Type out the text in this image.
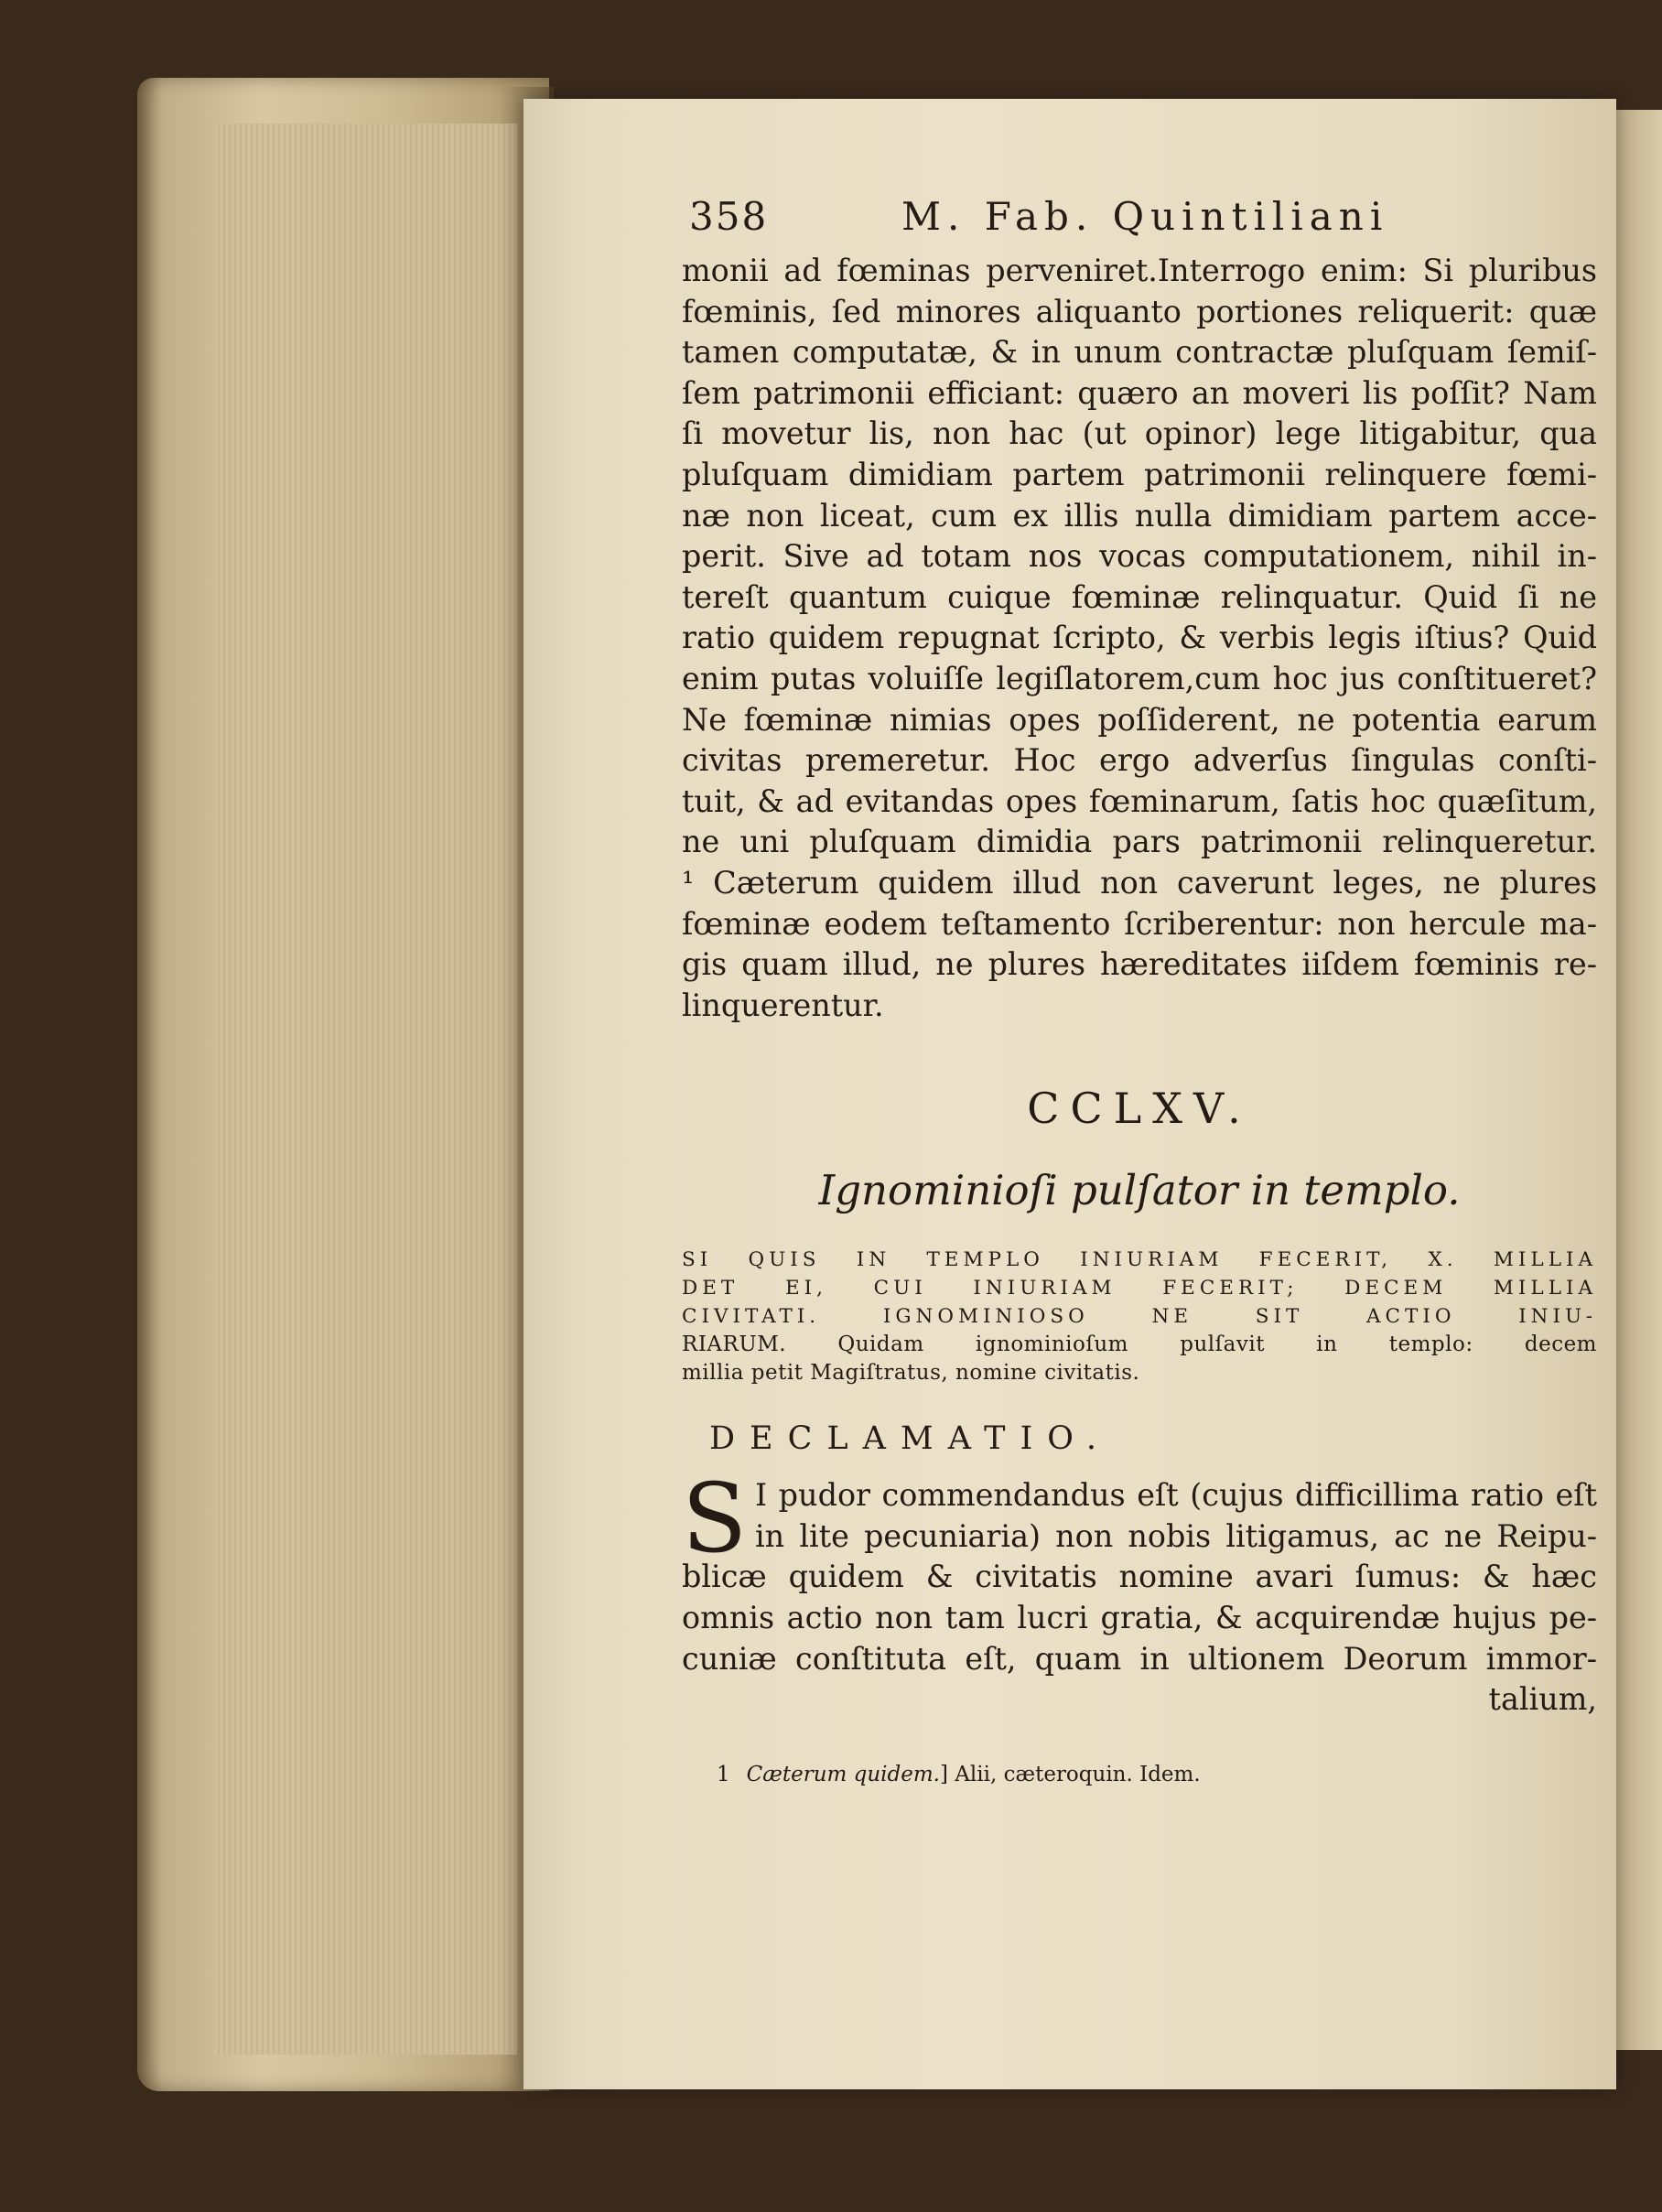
358	M. Fab. Quintiliani
monii ad fœminas perveniret.Interrogo enim: Si pluribus
fœminis, ſed minores aliquanto portiones reliquerit: quæ
tamen computatæ, & in unum contractæ pluſquam ſemiſ-
ſem patrimonii efficiant: quæro an moveri lis poſſit? Nam
ſi movetur lis, non hac (ut opinor) lege litigabitur, qua
pluſquam dimidiam partem patrimonii relinquere fœmi-
næ non liceat, cum ex illis nulla dimidiam partem acce-
perit. Sive ad totam nos vocas computationem, nihil in-
tereſt quantum cuique fœminæ relinquatur. Quid ſi ne
ratio quidem repugnat ſcripto, & verbis legis iſtius? Quid
enim putas voluiſſe legiſlatorem,cum hoc jus conſtitueret?
Ne fœminæ nimias opes poſſiderent, ne potentia earum
civitas premeretur. Hoc ergo adverſus ſingulas conſti-
tuit, & ad evitandas opes fœminarum, ſatis hoc quæſitum,
ne uni pluſquam dimidia pars patrimonii relinqueretur.
¹ Cæterum quidem illud non caverunt leges, ne plures
fœminæ eodem teſtamento ſcriberentur: non hercule ma-
gis quam illud, ne plures hæreditates iiſdem fœminis re-
linquerentur.
CCLXV.
Ignominioſi pulſator in templo.
SI QUIS IN TEMPLO INIURIAM FECERIT, X. MILLIA
DET EI, CUI INIURIAM FECERIT; DECEM MILLIA
CIVITATI. IGNOMINIOSO NE SIT ACTIO INIU-
RIARUM. Quidam ignominioſum pulſavit in templo: decem
millia petit Magiſtratus, nomine civitatis.
DECLAMATIO.
S I pudor commendandus eſt (cujus difficillima ratio eſt
in lite pecuniaria) non nobis litigamus, ac ne Reipu-
blicæ quidem & civitatis nomine avari ſumus: & hæc
omnis actio non tam lucri gratia, & acquirendæ hujus pe-
cuniæ conſtituta eſt, quam in ultionem Deorum immor-
talium,
1 Cæterum quidem.] Alii, cæteroquin. Idem.
